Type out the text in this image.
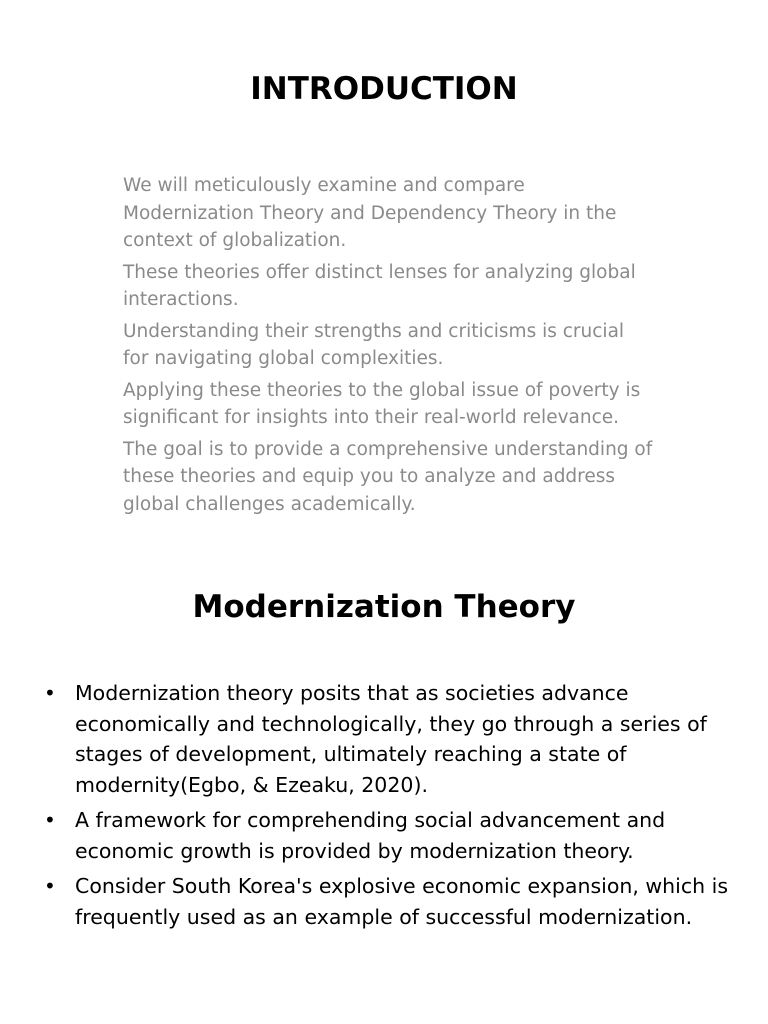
INTRODUCTION
We will meticulously examine and compare Modernization Theory and Dependency Theory in the context of globalization.
These theories offer distinct lenses for analyzing global interactions.
Understanding their strengths and criticisms is crucial for navigating global complexities.
Applying these theories to the global issue of poverty is significant for insights into their real-world relevance.
The goal is to provide a comprehensive understanding of these theories and equip you to analyze and address global challenges academically.
Modernization Theory
• Modernization theory posits that as societies advance economically and technologically, they go through a series of stages of development, ultimately reaching a state of modernity(Egbo, & Ezeaku, 2020).
• A framework for comprehending social advancement and economic growth is provided by modernization theory.
• Consider South Korea's explosive economic expansion, which is frequently used as an example of successful modernization.
